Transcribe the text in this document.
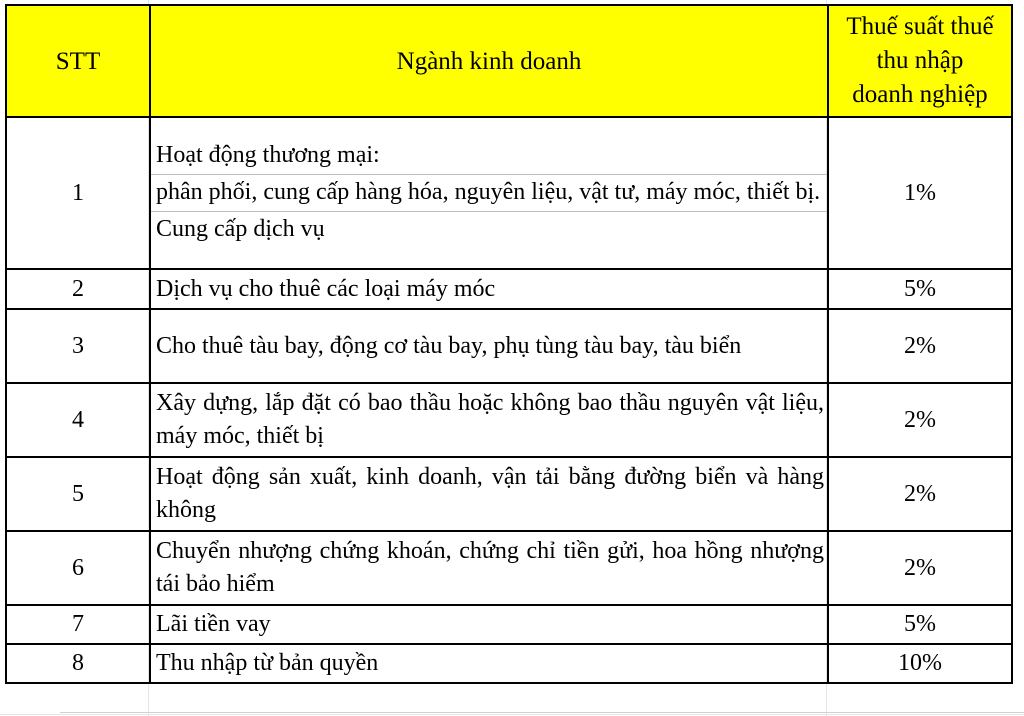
STT	Ngành kinh doanh	Thuế suất thuế
thu nhập
doanh nghiệp

1	Hoạt động thương mại:
phân phối, cung cấp hàng hóa, nguyên liệu, vật tư, máy móc, thiết bị.
Cung cấp dịch vụ	1%
2	Dịch vụ cho thuê các loại máy móc	5%
3	Cho thuê tàu bay, động cơ tàu bay, phụ tùng tàu bay, tàu biển	2%
4	Xây dựng, lắp đặt có bao thầu hoặc không bao thầu nguyên vật liệu, máy móc, thiết bị	2%
5	Hoạt động sản xuất, kinh doanh, vận tải bằng đường biển và hàng không	2%
6	Chuyển nhượng chứng khoán, chứng chỉ tiền gửi, hoa hồng nhượng tái bảo hiểm	2%
7	Lãi tiền vay	5%
8	Thu nhập từ bản quyền	10%
